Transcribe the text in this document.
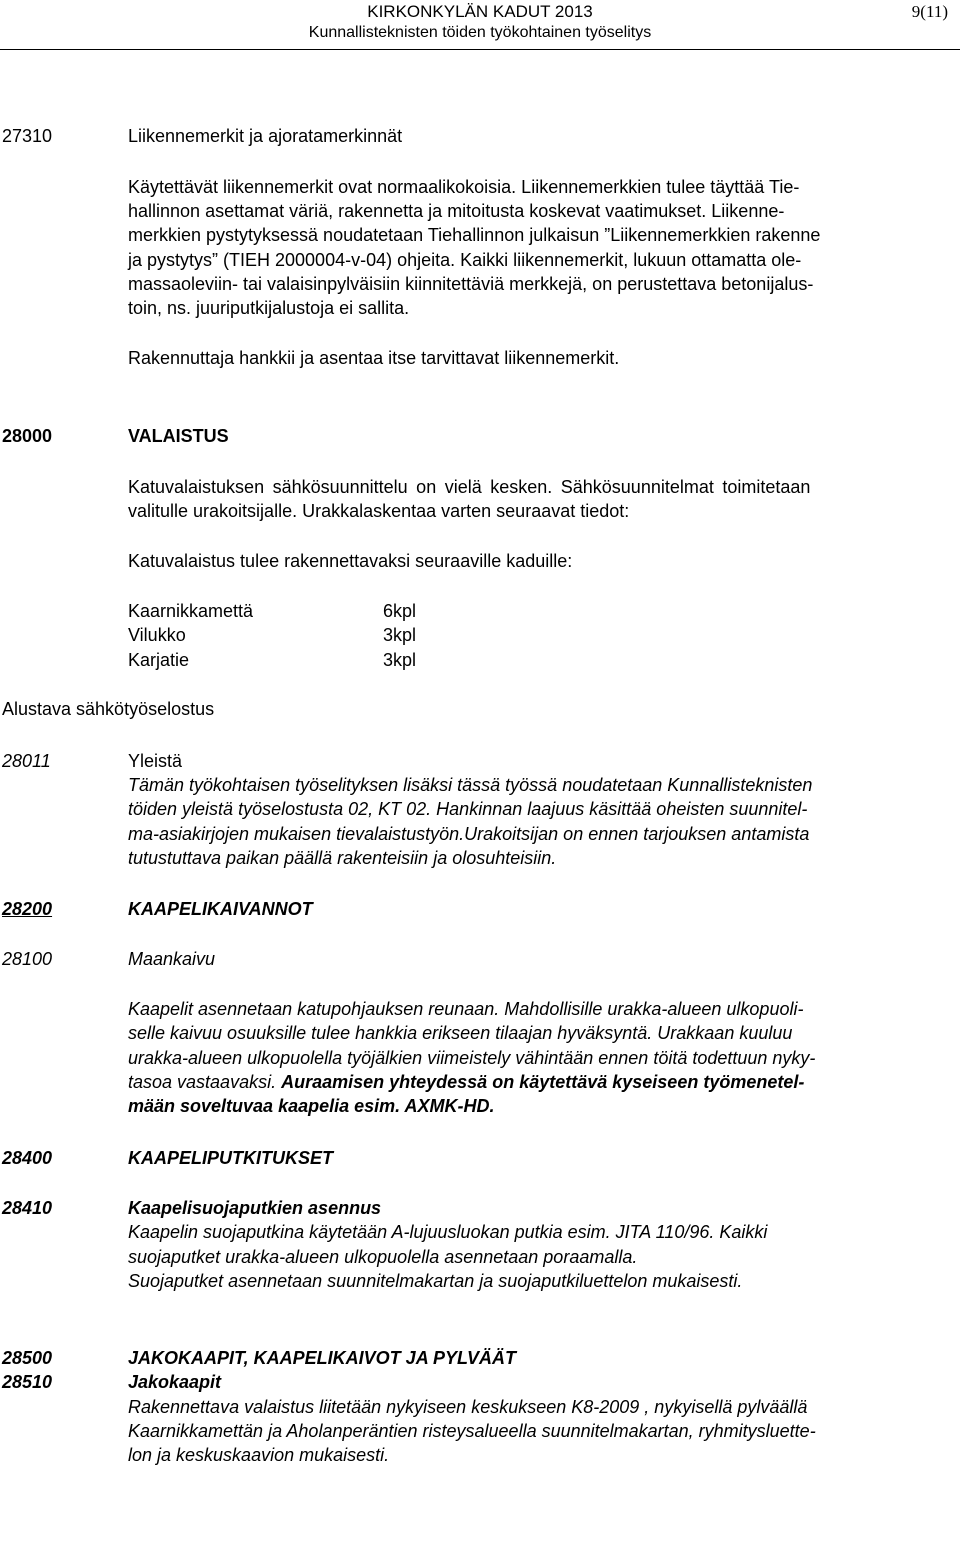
KIRKONKYLÄN KADUT 2013
Kunnallisteknisten töiden työkohtainen työselitys
9(11)
27310	Liikennemerkit ja ajoratamerkinnät
Käytettävät liikennemerkit ovat normaalikokoisia. Liikennemerkkien tulee täyttää Tie-
hallinnon asettamat väriä, rakennetta ja mitoitusta koskevat vaatimukset. Liikenne-
merkkien pystytyksessä noudatetaan Tiehallinnon julkaisun ”Liikennemerkkien rakenne
ja pystytys” (TIEH 2000004-v-04) ohjeita. Kaikki liikennemerkit, lukuun ottamatta ole-
massaoleviin- tai valaisinpylväisiin kiinnitettäviä merkkejä, on perustettava betonijalus-
toin, ns. juuriputkijalustoja ei sallita.
Rakennuttaja hankkii ja asentaa itse tarvittavat liikennemerkit.
28000	VALAISTUS
Katuvalaistuksen sähkösuunnittelu on vielä kesken. Sähkösuunnitelmat toimitetaan
valitulle urakoitsijalle. Urakkalaskentaa varten seuraavat tiedot:
Katuvalaistus tulee rakennettavaksi seuraaville kaduille:
Kaarnikkamettä	6kpl
Vilukko	3kpl
Karjatie	3kpl
Alustava sähkötyöselostus
28011	Yleistä
Tämän työkohtaisen työselityksen lisäksi tässä työssä noudatetaan Kunnallisteknisten
töiden yleistä työselostusta 02, KT 02. Hankinnan laajuus käsittää oheisten suunnitel-
ma-asiakirjojen mukaisen tievalaistustyön.Urakoitsijan on ennen tarjouksen antamista
tutustuttava paikan päällä rakenteisiin ja olosuhteisiin.
28200	KAAPELIKAIVANNOT
28100	Maankaivu
Kaapelit asennetaan katupohjauksen reunaan. Mahdollisille urakka-alueen ulkopuoli-
selle kaivuu osuuksille tulee hankkia erikseen tilaajan hyväksyntä. Urakkaan kuuluu
urakka-alueen ulkopuolella työjälkien viimeistely vähintään ennen töitä todettuun nyky-
tasoa vastaavaksi. Auraamisen yhteydessä on käytettävä kyseiseen työmenetel-
mään soveltuvaa kaapelia esim. AXMK-HD.
28400	KAAPELIPUTKITUKSET
28410	Kaapelisuojaputkien asennus
Kaapelin suojaputkina käytetään A-lujuusluokan putkia esim. JITA 110/96. Kaikki
suojaputket urakka-alueen ulkopuolella asennetaan poraamalla.
Suojaputket asennetaan suunnitelmakartan ja suojaputkiluettelon mukaisesti.
28500	JAKOKAAPIT, KAAPELIKAIVOT JA PYLVÄÄT
28510	Jakokaapit
Rakennettava valaistus liitetään nykyiseen keskukseen K8-2009 , nykyisellä pylväällä
Kaarnikkamettän ja Aholanperäntien risteysalueella suunnitelmakartan, ryhmitysluette-
lon ja keskuskaavion mukaisesti.
